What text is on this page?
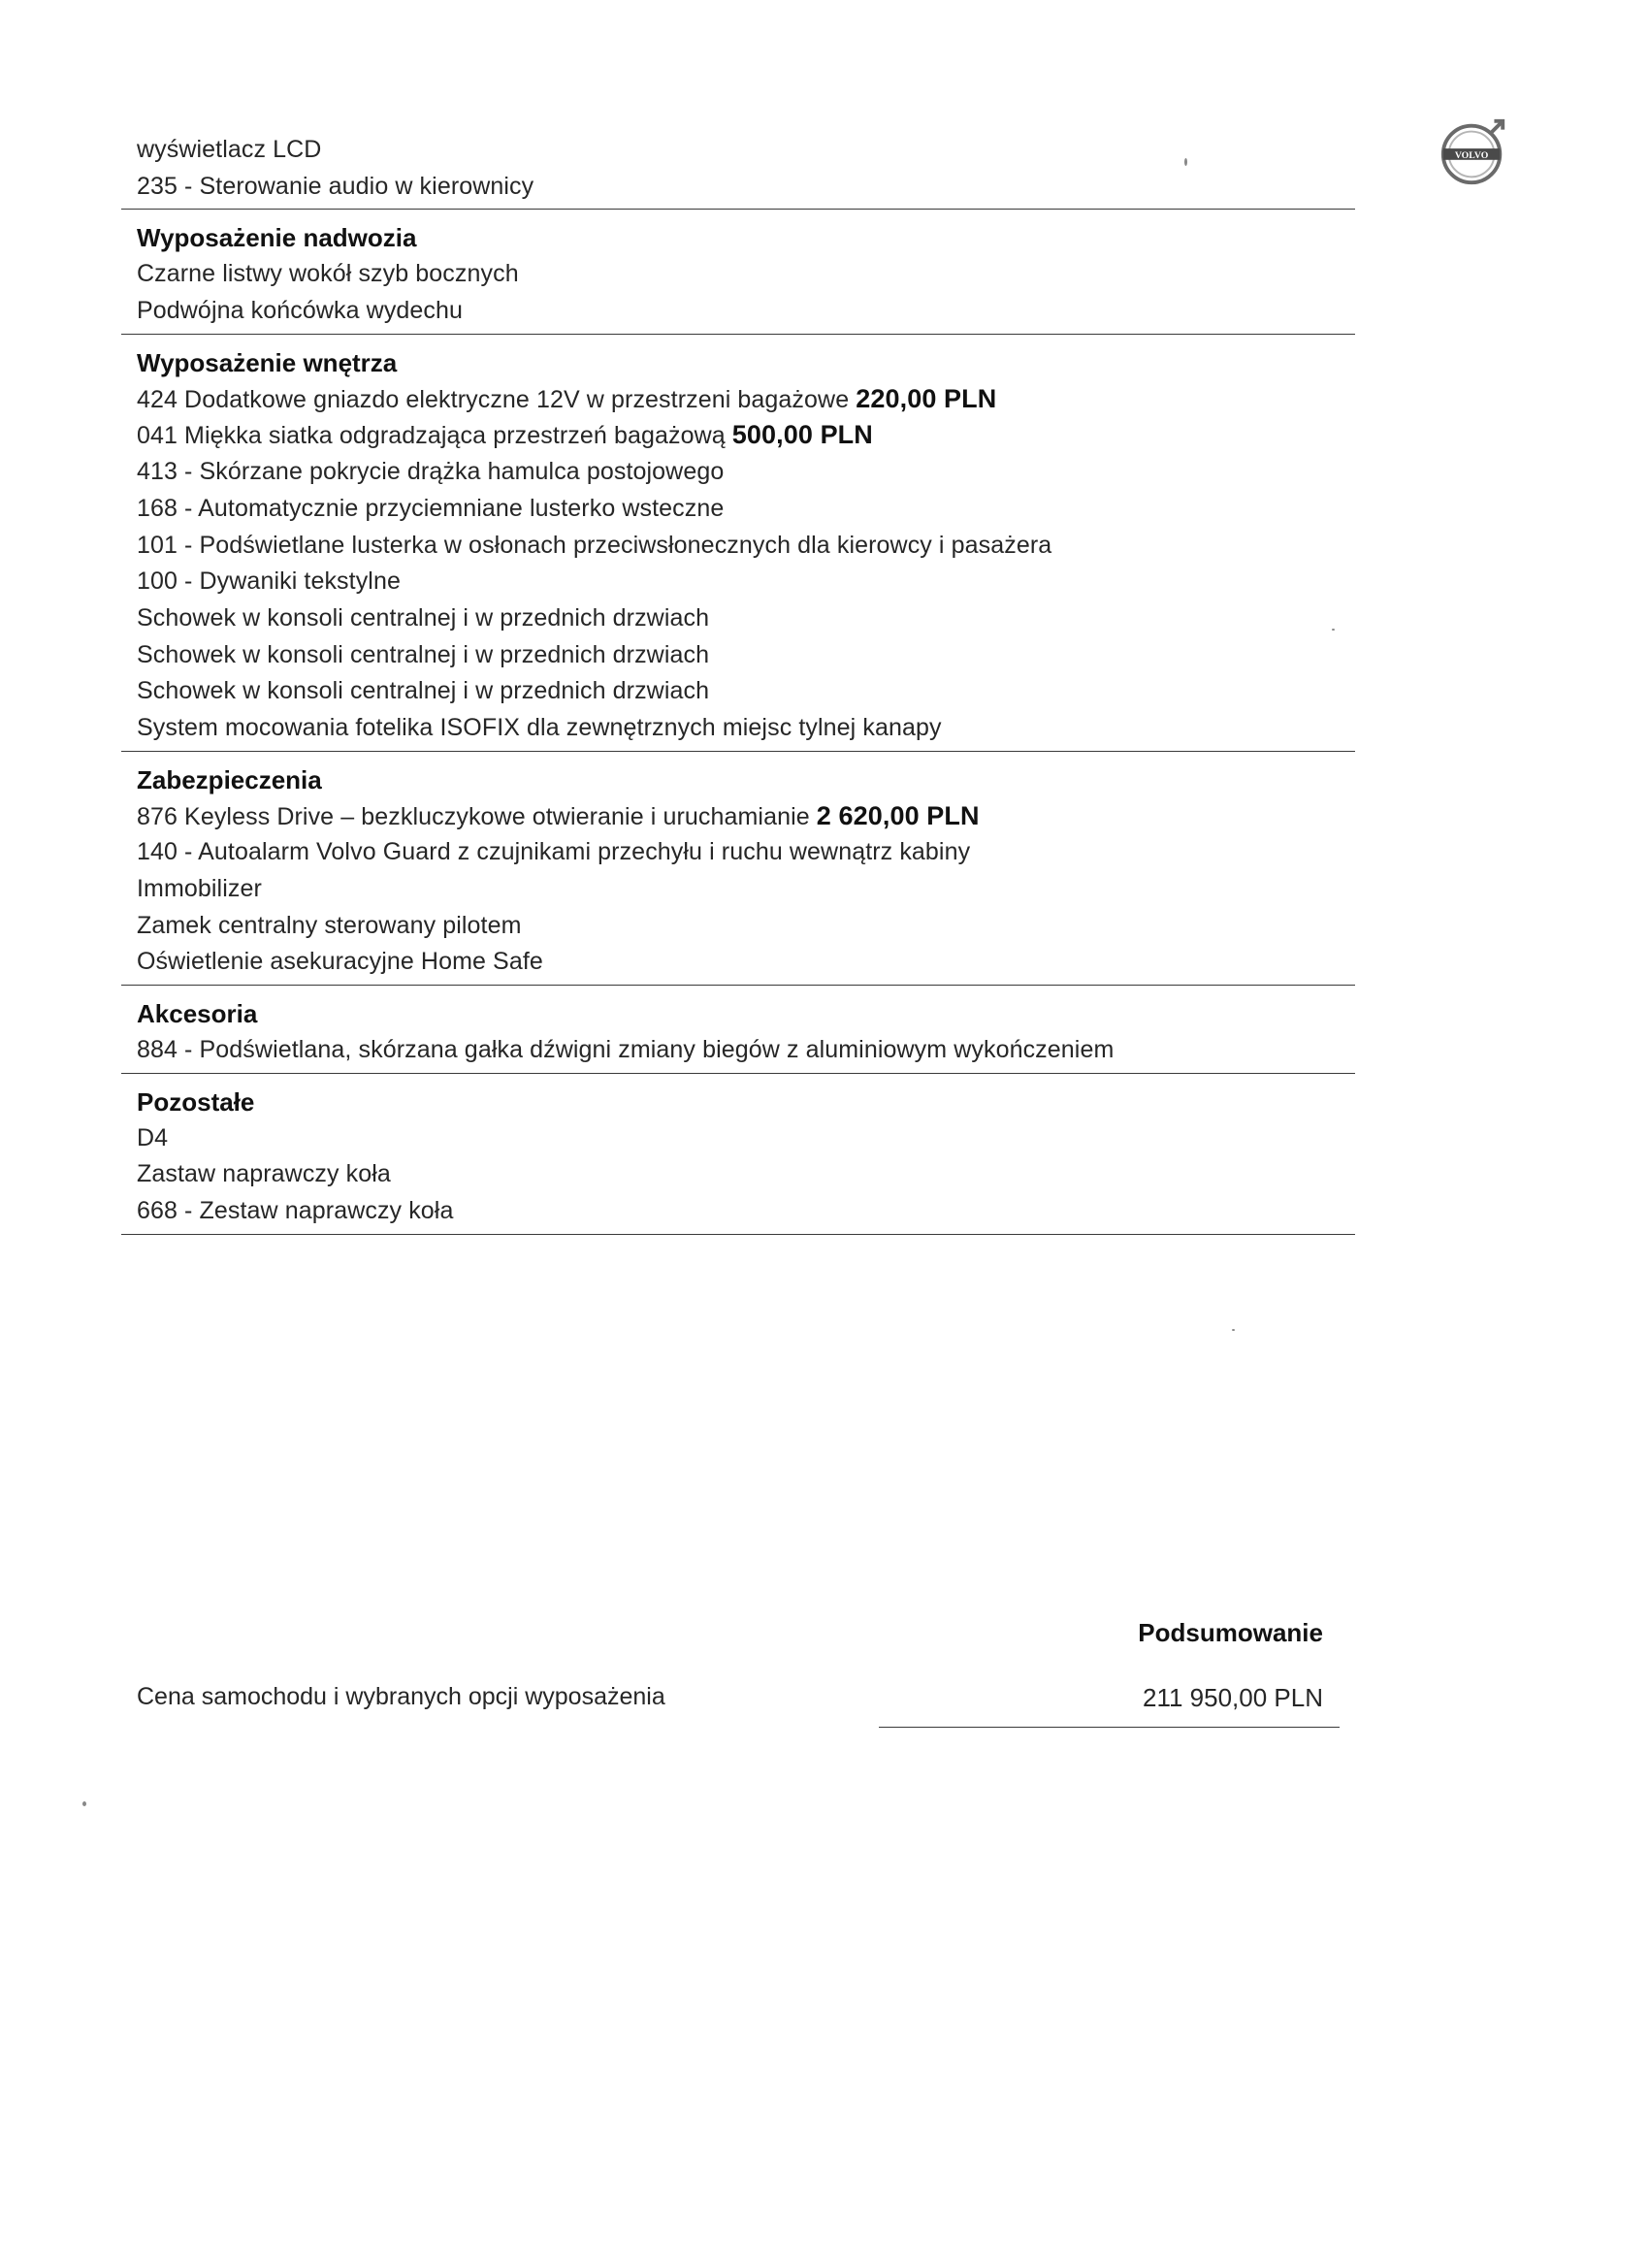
VOLVO
wyświetlacz LCD
235 - Sterowanie audio w kierownicy
Wyposażenie nadwozia
Czarne listwy wokół szyb bocznych
Podwójna końcówka wydechu
Wyposażenie wnętrza
424 Dodatkowe gniazdo elektryczne 12V w przestrzeni bagażowe 220,00 PLN
041 Miękka siatka odgradzająca przestrzeń bagażową 500,00 PLN
413 - Skórzane pokrycie drążka hamulca postojowego
168 - Automatycznie przyciemniane lusterko wsteczne
101 - Podświetlane lusterka w osłonach przeciwsłonecznych dla kierowcy i pasażera
100 - Dywaniki tekstylne
Schowek w konsoli centralnej i w przednich drzwiach
Schowek w konsoli centralnej i w przednich drzwiach
Schowek w konsoli centralnej i w przednich drzwiach
System mocowania fotelika ISOFIX dla zewnętrznych miejsc tylnej kanapy
Zabezpieczenia
876 Keyless Drive – bezkluczykowe otwieranie i uruchamianie 2 620,00 PLN
140 - Autoalarm Volvo Guard z czujnikami przechyłu i ruchu wewnątrz kabiny
Immobilizer
Zamek centralny sterowany pilotem
Oświetlenie asekuracyjne Home Safe
Akcesoria
884 - Podświetlana, skórzana gałka dźwigni zmiany biegów z aluminiowym wykończeniem
Pozostałe
D4
Zastaw naprawczy koła
668 - Zestaw naprawczy koła
Podsumowanie
Cena samochodu i wybranych opcji wyposażenia	211 950,00 PLN
